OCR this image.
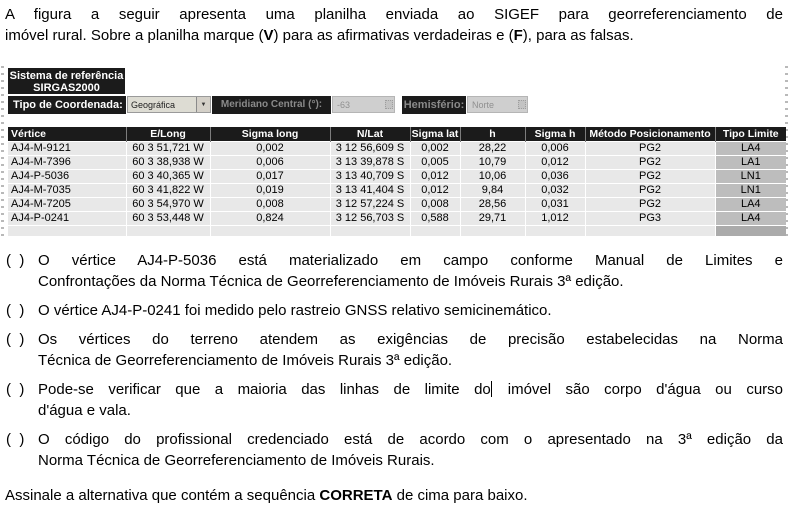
A figura a seguir apresenta uma planilha enviada ao SIGEF para georreferenciamento de
imóvel rural. Sobre a planilha marque (V) para as afirmativas verdadeiras e (F), para as falsas.
Sistema de referência
SIRGAS2000
Tipo de Coordenada: Geográfica	▼	Meridiano Central (°):	-63	Hemisfério: Norte
Vértice	E/Long	Sigma long	N/Lat	Sigma lat	h	Sigma h	Método Posicionamento	Tipo Limite
AJ4-M-9121	60 3 51,721 W	0,002	3 12 56,609 S	0,002	28,22	0,006	PG2	LA4
AJ4-M-7396	60 3 38,938 W	0,006	3 13 39,878 S	0,005	10,79	0,012	PG2	LA1
AJ4-P-5036	60 3 40,365 W	0,017	3 13 40,709 S	0,012	10,06	0,036	PG2	LN1
AJ4-M-7035	60 3 41,822 W	0,019	3 13 41,404 S	0,012	9,84	0,032	PG2	LN1
AJ4-M-7205	60 3 54,970 W	0,008	3 12 57,224 S	0,008	28,56	0,031	PG2	LA4
AJ4-P-0241	60 3 53,448 W	0,824	3 12 56,703 S	0,588	29,71	1,012	PG3	LA4

(  ) O vértice AJ4-P-5036 está materializado em campo conforme Manual de Limites e
Confrontações da Norma Técnica de Georreferenciamento de Imóveis Rurais 3ª edição.
(  ) O vértice AJ4-P-0241 foi medido pelo rastreio GNSS relativo semicinemático.
(  ) Os vértices do terreno atendem as exigências de precisão estabelecidas na Norma
Técnica de Georreferenciamento de Imóveis Rurais 3ª edição.
(  ) Pode-se verificar que a maioria das linhas de limite do imóvel são corpo d'água ou curso
d'água e vala.
(  ) O código do profissional credenciado está de acordo com o apresentado na 3ª edição da
Norma Técnica de Georreferenciamento de Imóveis Rurais.

Assinale a alternativa que contém a sequência CORRETA de cima para baixo.
